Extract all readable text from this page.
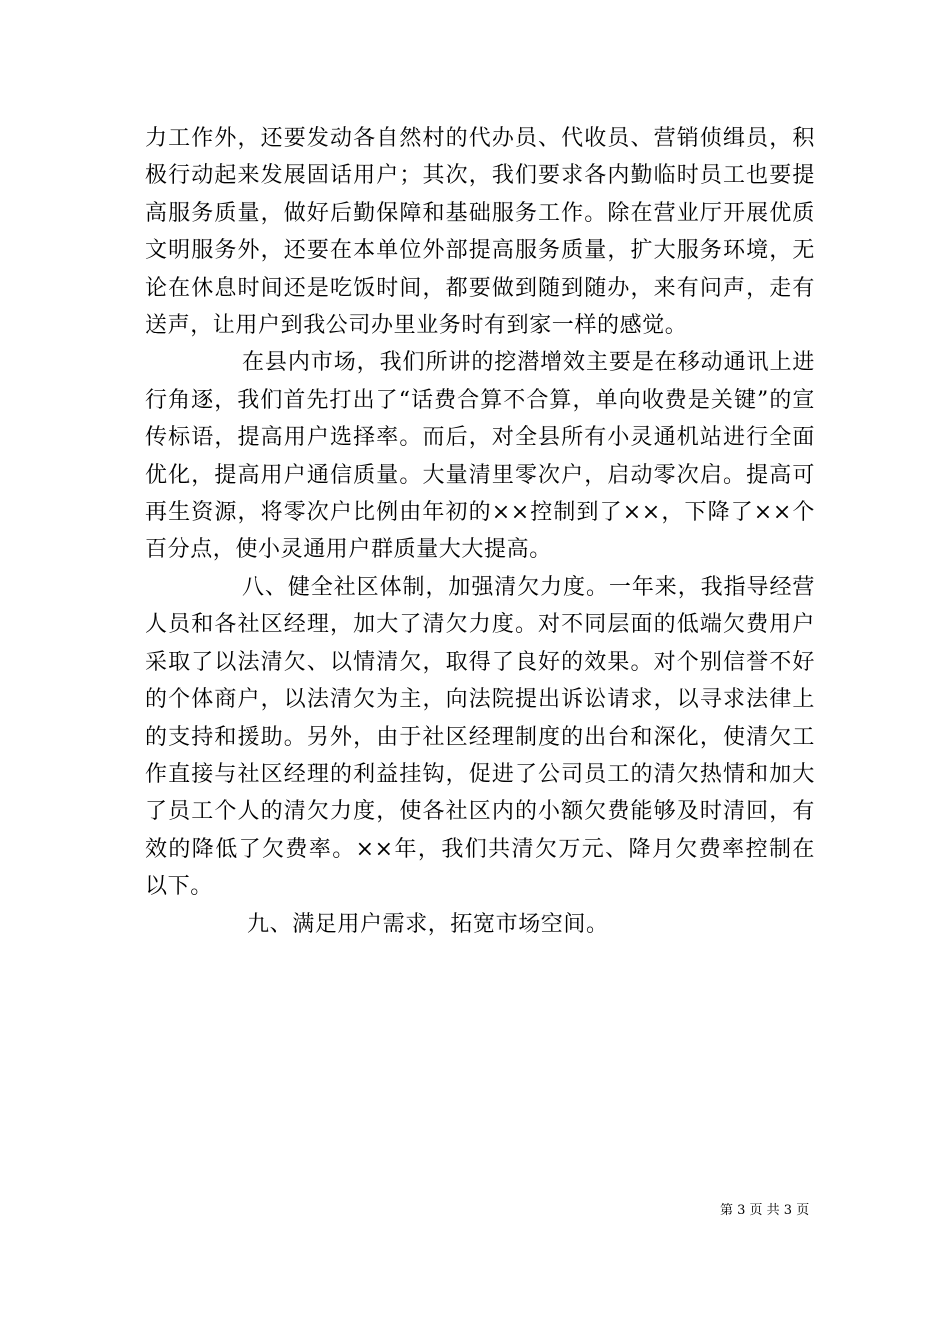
力工作外，还要发动各自然村的代办员、代收员、营销侦缉员，积极行动起来发展固话用户；其次，我们要求各内勤临时员工也要提高服务质量，做好后勤保障和基础服务工作。除在营业厅开展优质文明服务外，还要在本单位外部提高服务质量，扩大服务环境，无论在休息时间还是吃饭时间，都要做到随到随办，来有问声，走有送声，让用户到我公司办里业务时有到家一样的感觉。

在县内市场，我们所讲的挖潜增效主要是在移动通讯上进行角逐，我们首先打出了“话费合算不合算，单向收费是关键”的宣传标语，提高用户选择率。而后，对全县所有小灵通机站进行全面优化，提高用户通信质量。大量清里零次户，启动零次启。提高可再生资源，将零次户比例由年初的××控制到了××，下降了××个百分点，使小灵通用户群质量大大提高。

八、健全社区体制，加强清欠力度。一年来，我指导经营人员和各社区经理，加大了清欠力度。对不同层面的低端欠费用户采取了以法清欠、以情清欠，取得了良好的效果。对个别信誉不好的个体商户，以法清欠为主，向法院提出诉讼请求，以寻求法律上的支持和援助。另外，由于社区经理制度的出台和深化，使清欠工作直接与社区经理的利益挂钩，促进了公司员工的清欠热情和加大了员工个人的清欠力度，使各社区内的小额欠费能够及时清回，有效的降低了欠费率。××年，我们共清欠万元、降月欠费率控制在以下。

九、满足用户需求，拓宽市场空间。

第 3 页 共 3 页
